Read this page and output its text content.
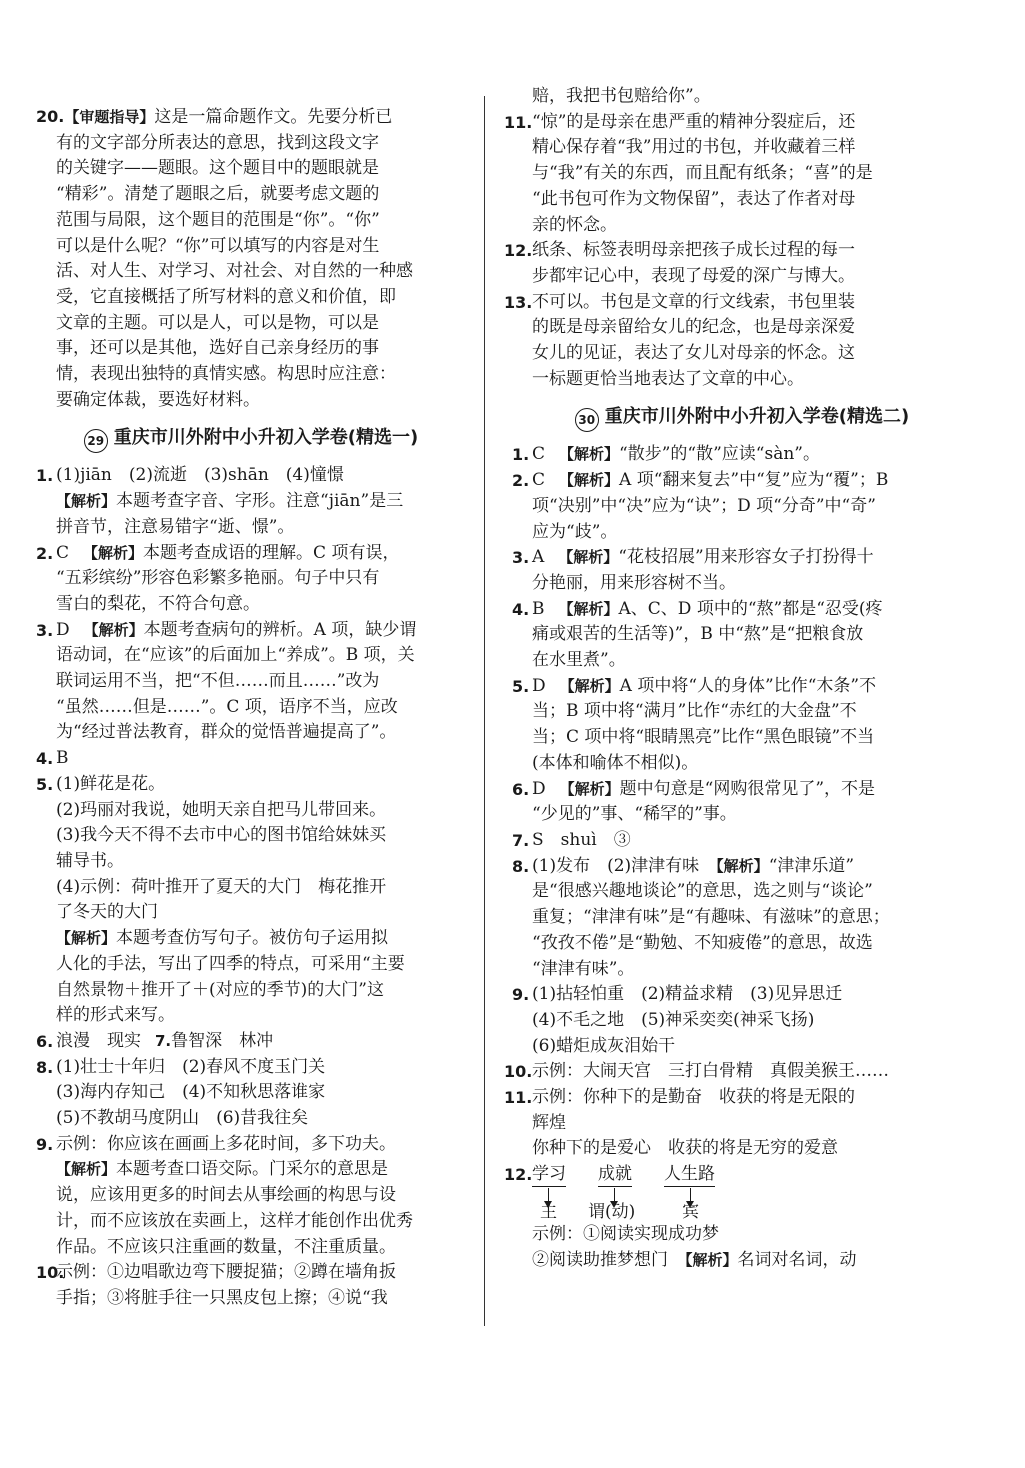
20.【审题指导】这是一篇命题作文。先要分析已

有的文字部分所表达的意思，找到这段文字

的关键字——题眼。这个题目中的题眼就是

“精彩”。清楚了题眼之后，就要考虑文题的

范围与局限，这个题目的范围是“你”。“你”

可以是什么呢？“你”可以填写的内容是对生

活、对人生、对学习、对社会、对自然的一种感

受，它直接概括了所写材料的意义和价值，即

文章的主题。可以是人，可以是物，可以是

事，还可以是其他，选好自己亲身经历的事

情，表现出独特的真情实感。构思时应注意：

要确定体裁，要选好材料。

29 重庆市川外附中小升初入学卷(精选一)
1. (1)jiān　(2)流逝　(3)shān　(4)憧憬

【解析】本题考查字音、字形。注意“jiān”是三

拼音节，注意易错字“逝、憬”。

2. C 【解析】本题考查成语的理解。C 项有误，

“五彩缤纷”形容色彩繁多艳丽。句子中只有

雪白的梨花，不符合句意。

3. D 【解析】本题考查病句的辨析。A 项，缺少谓

语动词，在“应该”的后面加上“养成”。B 项，关

联词运用不当，把“不但……而且……”改为

“虽然……但是……”。C 项，语序不当，应改

为“经过普法教育，群众的觉悟普遍提高了”。

4. B

5. (1)鲜花是花。

(2)玛丽对我说，她明天亲自把马儿带回来。

(3)我今天不得不去市中心的图书馆给妹妹买

辅导书。

(4)示例：荷叶推开了夏天的大门　梅花推开

了冬天的大门

【解析】本题考查仿写句子。被仿句子运用拟

人化的手法，写出了四季的特点，可采用“主要

自然景物＋推开了＋(对应的季节)的大门”这

样的形式来写。

6. 浪漫　现实 7.鲁智深　林冲

8. (1)壮士十年归　(2)春风不度玉门关

(3)海内存知己　(4)不知秋思落谁家

(5)不教胡马度阴山　(6)昔我往矣

9. 示例：你应该在画画上多花时间，多下功夫。

【解析】本题考查口语交际。门采尔的意思是

说，应该用更多的时间去从事绘画的构思与设

计，而不应该放在卖画上，这样才能创作出优秀

作品。不应该只注重画的数量，不注重质量。

10.

示例：①边唱歌边弯下腰捉猫；②蹲在墙角扳

手指；③将脏手往一只黑皮包上擦；④说“我

赔，我把书包赔给你”。

11. “惊”的是母亲在患严重的精神分裂症后，还

精心保存着“我”用过的书包，并收藏着三样

与“我”有关的东西，而且配有纸条；“喜”的是

“此书包可作为文物保留”，表达了作者对母

亲的怀念。

12. 纸条、标签表明母亲把孩子成长过程的每一

步都牢记心中，表现了母爱的深广与博大。

13. 不可以。书包是文章的行文线索，书包里装

的既是母亲留给女儿的纪念，也是母亲深爱

女儿的见证，表达了女儿对母亲的怀念。这

一标题更恰当地表达了文章的中心。

30 重庆市川外附中小升初入学卷(精选二)
1. C 【解析】“散步”的“散”应读“sàn”。

2. C 【解析】A 项“翻来复去”中“复”应为“覆”；B

项“决别”中“决”应为“诀”；D 项“分奇”中“奇”

应为“歧”。

3. A 【解析】“花枝招展”用来形容女子打扮得十

分艳丽，用来形容树不当。

4. B 【解析】A、C、D 项中的“熬”都是“忍受(疼

痛或艰苦的生活等)”，B 中“熬”是“把粮食放

在水里煮”。

5. D 【解析】A 项中将“人的身体”比作“木条”不

当；B 项中将“满月”比作“赤红的大金盘”不

当；C 项中将“眼睛黑亮”比作“黑色眼镜”不当

(本体和喻体不相似)。

6. D 【解析】题中句意是“网购很常见了”，不是

“少见的”事、“稀罕的”事。

7. S　shuì　③

8. (1)发布　(2)津津有味　【解析】“津津乐道”

是“很感兴趣地谈论”的意思，选之则与“谈论”

重复；“津津有味”是“有趣味、有滋味”的意思；

“孜孜不倦”是“勤勉、不知疲倦”的意思，故选

“津津有味”。

9. (1)拈轻怕重　(2)精益求精　(3)见异思迁

(4)不毛之地　(5)神采奕奕(神采飞扬)

(6)蜡炬成灰泪始干

10. 示例：大闹天宫　三打白骨精　真假美猴王……

11. 示例：你种下的是勤奋　收获的将是无限的

辉煌

你种下的是爱心　收获的将是无穷的爱意

12. 学习 成就 人生路
主 谓(动)	宾

示例：①阅读实现成功梦

②阅读助推梦想门　【解析】名词对名词，动
